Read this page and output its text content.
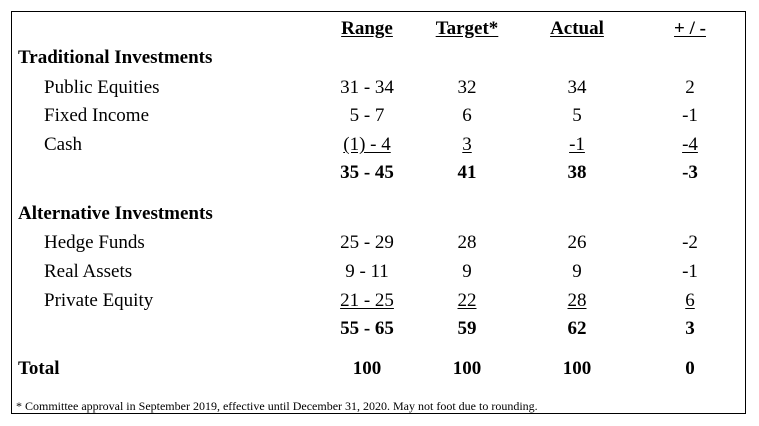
Range	Target*	Actual	+ / -
Traditional Investments
Public Equities	31 - 34	32	34	2
Fixed Income	5 - 7	6	5	-1
Cash	(1) - 4	3	-1	-4
35 - 45	41	38	-3
Alternative Investments
Hedge Funds	25 - 29	28	26	-2
Real Assets	9 - 11	9	9	-1
Private Equity	21 - 25	22	28	6
55 - 65	59	62	3
Total	100	100	100	0
* Committee approval in September 2019, effective until December 31, 2020. May not foot due to rounding.
